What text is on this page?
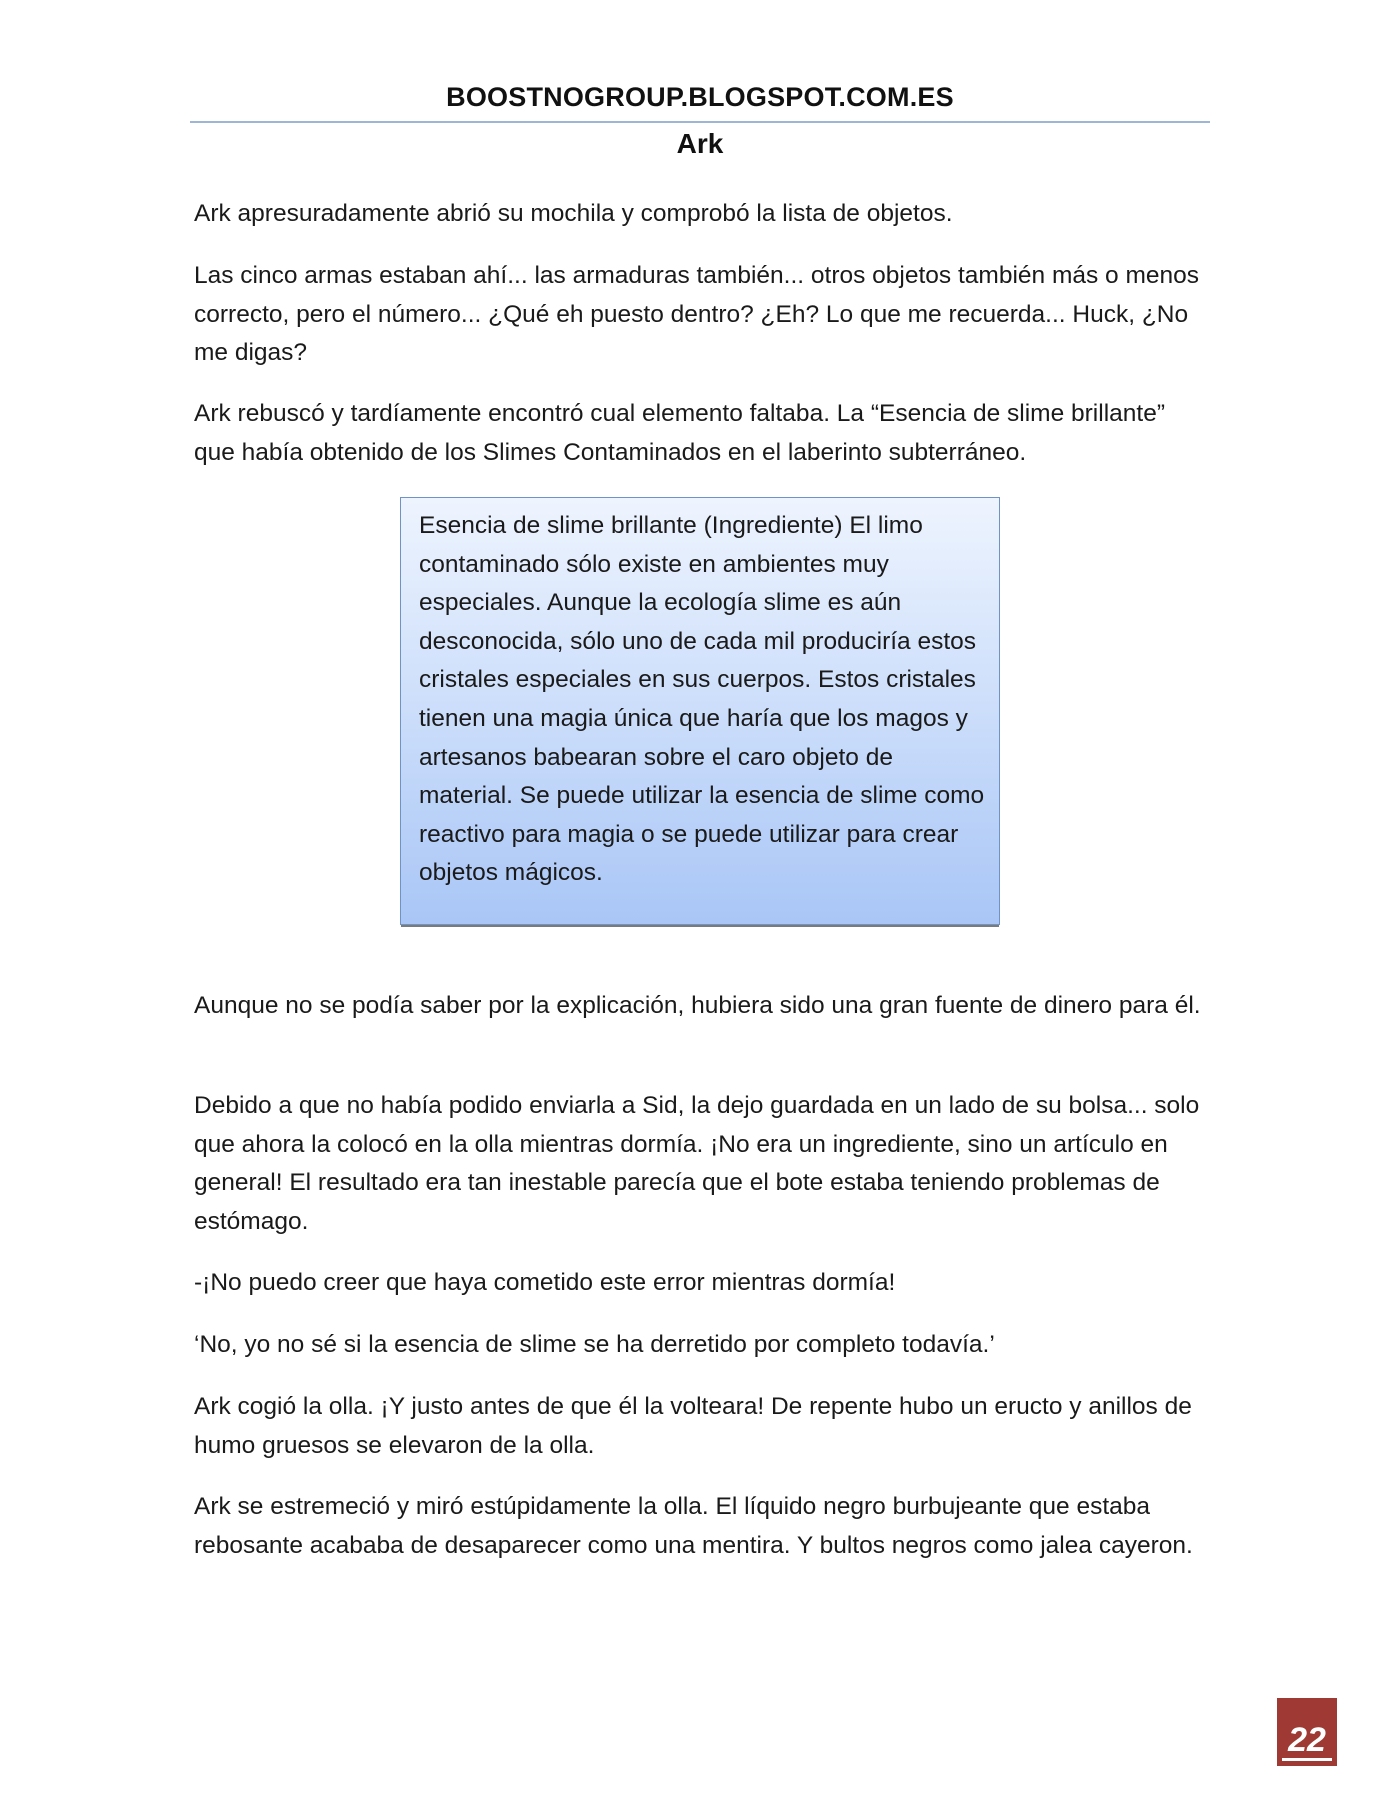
BOOSTNOGROUP.BLOGSPOT.COM.ES
Ark

Ark apresuradamente abrió su mochila y comprobó la lista de objetos.

Las cinco armas estaban ahí... las armaduras también... otros objetos también más o menos correcto, pero el número... ¿Qué eh puesto dentro? ¿Eh? Lo que me recuerda... Huck, ¿No me digas?

Ark rebuscó y tardíamente encontró cual elemento faltaba. La “Esencia de slime brillante” que había obtenido de los Slimes Contaminados en el laberinto subterráneo.

Esencia de slime brillante (Ingrediente) El limo contaminado sólo existe en ambientes muy especiales. Aunque la ecología slime es aún desconocida, sólo uno de cada mil produciría estos cristales especiales en sus cuerpos. Estos cristales tienen una magia única que haría que los magos y artesanos babearan sobre el caro objeto de material. Se puede utilizar la esencia de slime como reactivo para magia o se puede utilizar para crear objetos mágicos.

Aunque no se podía saber por la explicación, hubiera sido una gran fuente de dinero para él.

Debido a que no había podido enviarla a Sid, la dejo guardada en un lado de su bolsa... solo que ahora la colocó en la olla mientras dormía. ¡No era un ingrediente, sino un artículo en general! El resultado era tan inestable parecía que el bote estaba teniendo problemas de estómago.

-¡No puedo creer que haya cometido este error mientras dormía!

‘No, yo no sé si la esencia de slime se ha derretido por completo todavía.’

Ark cogió la olla. ¡Y justo antes de que él la volteara! De repente hubo un eructo y anillos de humo gruesos se elevaron de la olla.

Ark se estremeció y miró estúpidamente la olla. El líquido negro burbujeante que estaba rebosante acababa de desaparecer como una mentira. Y bultos negros como jalea cayeron.

22
